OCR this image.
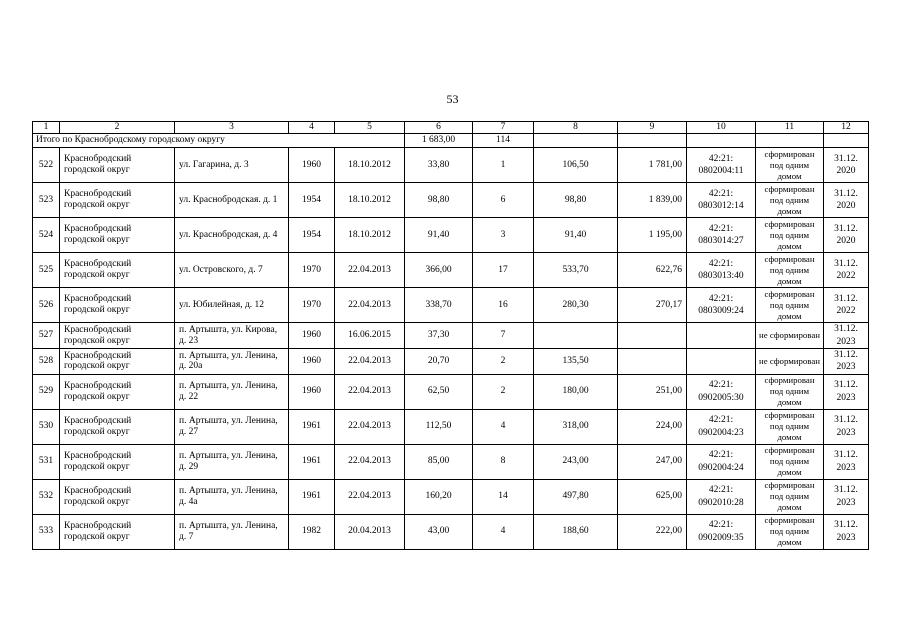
53
1	2	3	4	5	6	7	8	9	10	11	12
Итого по Краснобродскому городскому округу					1 683,00	114					
522	Краснобродский городской округ	ул. Гагарина, д. 3	1960	18.10.2012	33,80	1	106,50	1 781,00	42:21: 0802004:11	сформирован под одним домом	31.12. 2020
523	Краснобродский городской округ	ул. Краснобродская. д. 1	1954	18.10.2012	98,80	6	98,80	1 839,00	42:21: 0803012:14	сформирован под одним домом	31.12. 2020
524	Краснобродский городской округ	ул. Краснобродская, д. 4	1954	18.10.2012	91,40	3	91,40	1 195,00	42:21: 0803014:27	сформирован под одним домом	31.12. 2020
525	Краснобродский городской округ	ул. Островского, д. 7	1970	22.04.2013	366,00	17	533,70	622,76	42:21: 0803013:40	сформирован под одним домом	31.12. 2022
526	Краснобродский городской округ	ул. Юбилейная, д. 12	1970	22.04.2013	338,70	16	280,30	270,17	42:21: 0803009:24	сформирован под одним домом	31.12. 2022
527	Краснобродский городской округ	п. Артышта, ул. Кирова, д. 23	1960	16.06.2015	37,30	7				не сформирован	31.12. 2023
528	Краснобродский городской округ	п. Артышта, ул. Ленина, д. 20а	1960	22.04.2013	20,70	2	135,50			не сформирован	31.12. 2023
529	Краснобродский городской округ	п. Артышта, ул. Ленина, д. 22	1960	22.04.2013	62,50	2	180,00	251,00	42:21: 0902005:30	сформирован под одним домом	31.12. 2023
530	Краснобродский городской округ	п. Артышта, ул. Ленина, д. 27	1961	22.04.2013	112,50	4	318,00	224,00	42:21: 0902004:23	сформирован под одним домом	31.12. 2023
531	Краснобродский городской округ	п. Артышта, ул. Ленина, д. 29	1961	22.04.2013	85,00	8	243,00	247,00	42:21: 0902004:24	сформирован под одним домом	31.12. 2023
532	Краснобродский городской округ	п. Артышта, ул. Ленина, д. 4а	1961	22.04.2013	160,20	14	497,80	625,00	42:21: 0902010:28	сформирован под одним домом	31.12. 2023
533	Краснобродский городской округ	п. Артышта, ул. Ленина, д. 7	1982	20.04.2013	43,00	4	188,60	222,00	42:21: 0902009:35	сформирован под одним домом	31.12. 2023
